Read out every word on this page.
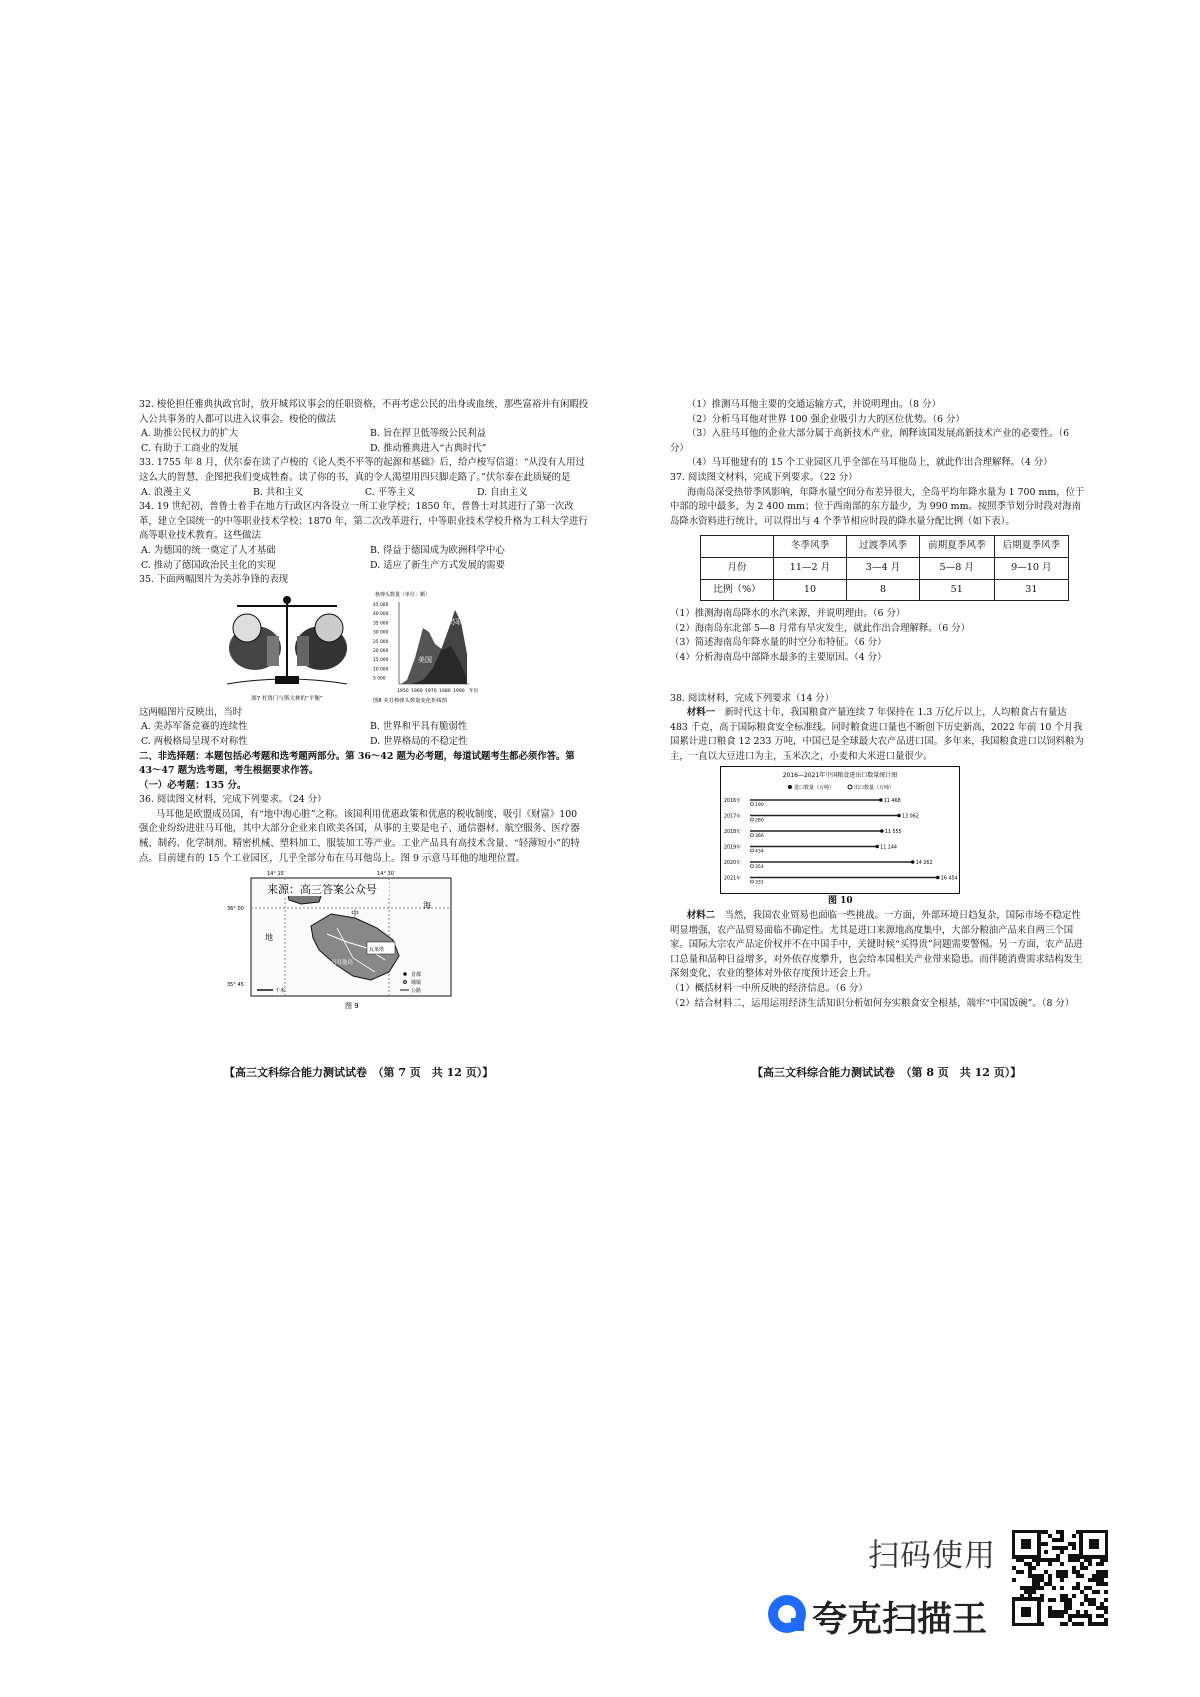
32. 梭伦担任雅典执政官时，放开城邦议事会的任职资格，不再考虑公民的出身或血统，那些富裕并有闲暇投入公共事务的人都可以进入议事会。梭伦的做法

A. 助推公民权力的扩大	B. 旨在捍卫低等级公民利益
C. 有助于工商业的发展	D. 推动雅典进入“古典时代”

33. 1755 年 8 月，伏尔泰在读了卢梭的《论人类不平等的起源和基础》后，给卢梭写信道：“从没有人用过这么大的智慧，企图把我们变成牲畜。读了你的书，真的令人渴望用四只脚走路了。”伏尔泰在此质疑的是

A. 浪漫主义	B. 共和主义	C. 平等主义	D. 自由主义

34. 19 世纪初，普鲁士着手在地方行政区内各设立一所工业学校；1850 年，普鲁士对其进行了第一次改革，建立全国统一的中等职业技术学校；1870 年，第二次改革进行，中等职业技术学校升格为工科大学进行高等职业技术教育。这些做法

A. 为德国的统一奠定了人才基础	B. 得益于德国成为欧洲科学中心
C. 推动了德国政治民主化的实现	D. 适应了新生产方式发展的需要

35. 下面两幅图片为美苏争锋的表现

图7 杜鲁门与斯大林的“平衡”
核弹头数量（单位：颗）
45 000
40 000
35 000
30 000
25 000
20 000
15 000
10 000
5 000
美国
苏联
1950 1960 1970 1980 1990 年份
图8 美苏核弹头数量变化折线图

这两幅图片反映出，当时

A. 美苏军备竞赛的连续性	B. 世界和平具有脆弱性
C. 两极格局呈现不对称性	D. 世界格局的不稳定性

二、非选择题：本题包括必考题和选考题两部分。第 36～42 题为必考题，每道试题考生都必须作答。第 43～47 题为选考题，考生根据要求作答。

（一）必考题：135 分。

36. 阅读图文材料，完成下列要求。（24 分）

马耳他是欧盟成员国，有“地中海心脏”之称。该国利用优惠政策和优惠的税收制度，吸引《财富》100 强企业纷纷进驻马耳他，其中大部分企业来自欧美各国，从事的主要是电子、通信器材、航空服务、医疗器械、制药、化学制剂、精密机械、塑料加工、服装加工等产业。工业产品具有高技术含量、“轻薄短小”的特点。目前建有的 15 个工业园区，几乎全部分布在马耳他岛上。图 9 示意马耳他的地理位置。

14° 15′	14° 30′
36° 00′
35° 45′
瓦莱塔
马耳他岛
地
中
海
千米
首都
城镇
公路
来源：高三答案公众号
图 9
【高三文科综合能力测试试卷　（第 7 页　共 12 页）】

（1）推测马耳他主要的交通运输方式，并说明理由。（8 分）

（2）分析马耳他对世界 100 强企业吸引力大的区位优势。（6 分）

（3）入驻马耳他的企业大部分属于高新技术产业，阐释该国发展高新技术产业的必要性。（6 分）

（4）马耳他建有的 15 个工业园区几乎全部在马耳他岛上，就此作出合理解释。（4 分）

37. 阅读图文材料，完成下列要求。（22 分）

海南岛深受热带季风影响，年降水量空间分布差异很大，全岛平均年降水量为 1 700 mm，位于中部的琼中最多，为 2 400 mm；位于西南部的东方最少，为 990 mm。按照季节划分时段对海南岛降水资料进行统计，可以得出与 4 个季节相应时段的降水量分配比例（如下表）。

	冬季风季	过渡季风季	前期夏季风季	后期夏季风季
月份	11—2 月	3—4 月	5—8 月	9—10 月
比例（%）	10	8	51	31

（1）推测海南岛降水的水汽来源，并说明理由。（6 分）

（2）海南岛东北部 5—8 月常有旱灾发生，就此作出合理解释。（6 分）

（3）简述海南岛年降水量的时空分布特征。（6 分）

（4）分析海南岛中部降水最多的主要原因。（4 分）

38. 阅读材料，完成下列要求（14 分）

材料一　 新时代这十年，我国粮食产量连续 7 年保持在 1.3 万亿斤以上，人均粮食占有量达 483 千克，高于国际粮食安全标准线。同时粮食进口量也不断创下历史新高，2022 年前 10 个月我国累计进口粮食 12 233 万吨，中国已是全球最大农产品进口国。多年来，我国粮食进口以饲料粮为主，一直以大豆进口为主，玉米次之，小麦和大米进口量很少。

2016—2021年中国粮食进出口数量统计图
进口数量（万吨）	出口数量（万吨）
2016年	11 468
190
2017年	13 062
280
2018年	11 555
366
2019年	11 144
434
2020年	14 262
354
2021年	16 454
331
图 10

材料二　 当然，我国农业贸易也面临一些挑战。一方面，外部环境日趋复杂，国际市场不稳定性明显增强，农产品贸易面临不确定性。尤其是进口来源地高度集中，大部分粮油产品来自两三个国家。国际大宗农产品定价权并不在中国手中，关键时候“买得贵”问题需要警惕。另一方面，农产品进口总量和品种日益增多，对外依存度攀升，也会给本国相关产业带来隐患。而伴随消费需求结构发生深刻变化，农业的整体对外依存度预计还会上升。

（1）概括材料一中所反映的经济信息。（6 分）

（2）结合材料二，运用运用经济生活知识分析如何夯实粮食安全根基，端牢“中国饭碗”。（8 分）

【高三文科综合能力测试试卷　（第 8 页　共 12 页）】
扫码使用
夸克扫描王
